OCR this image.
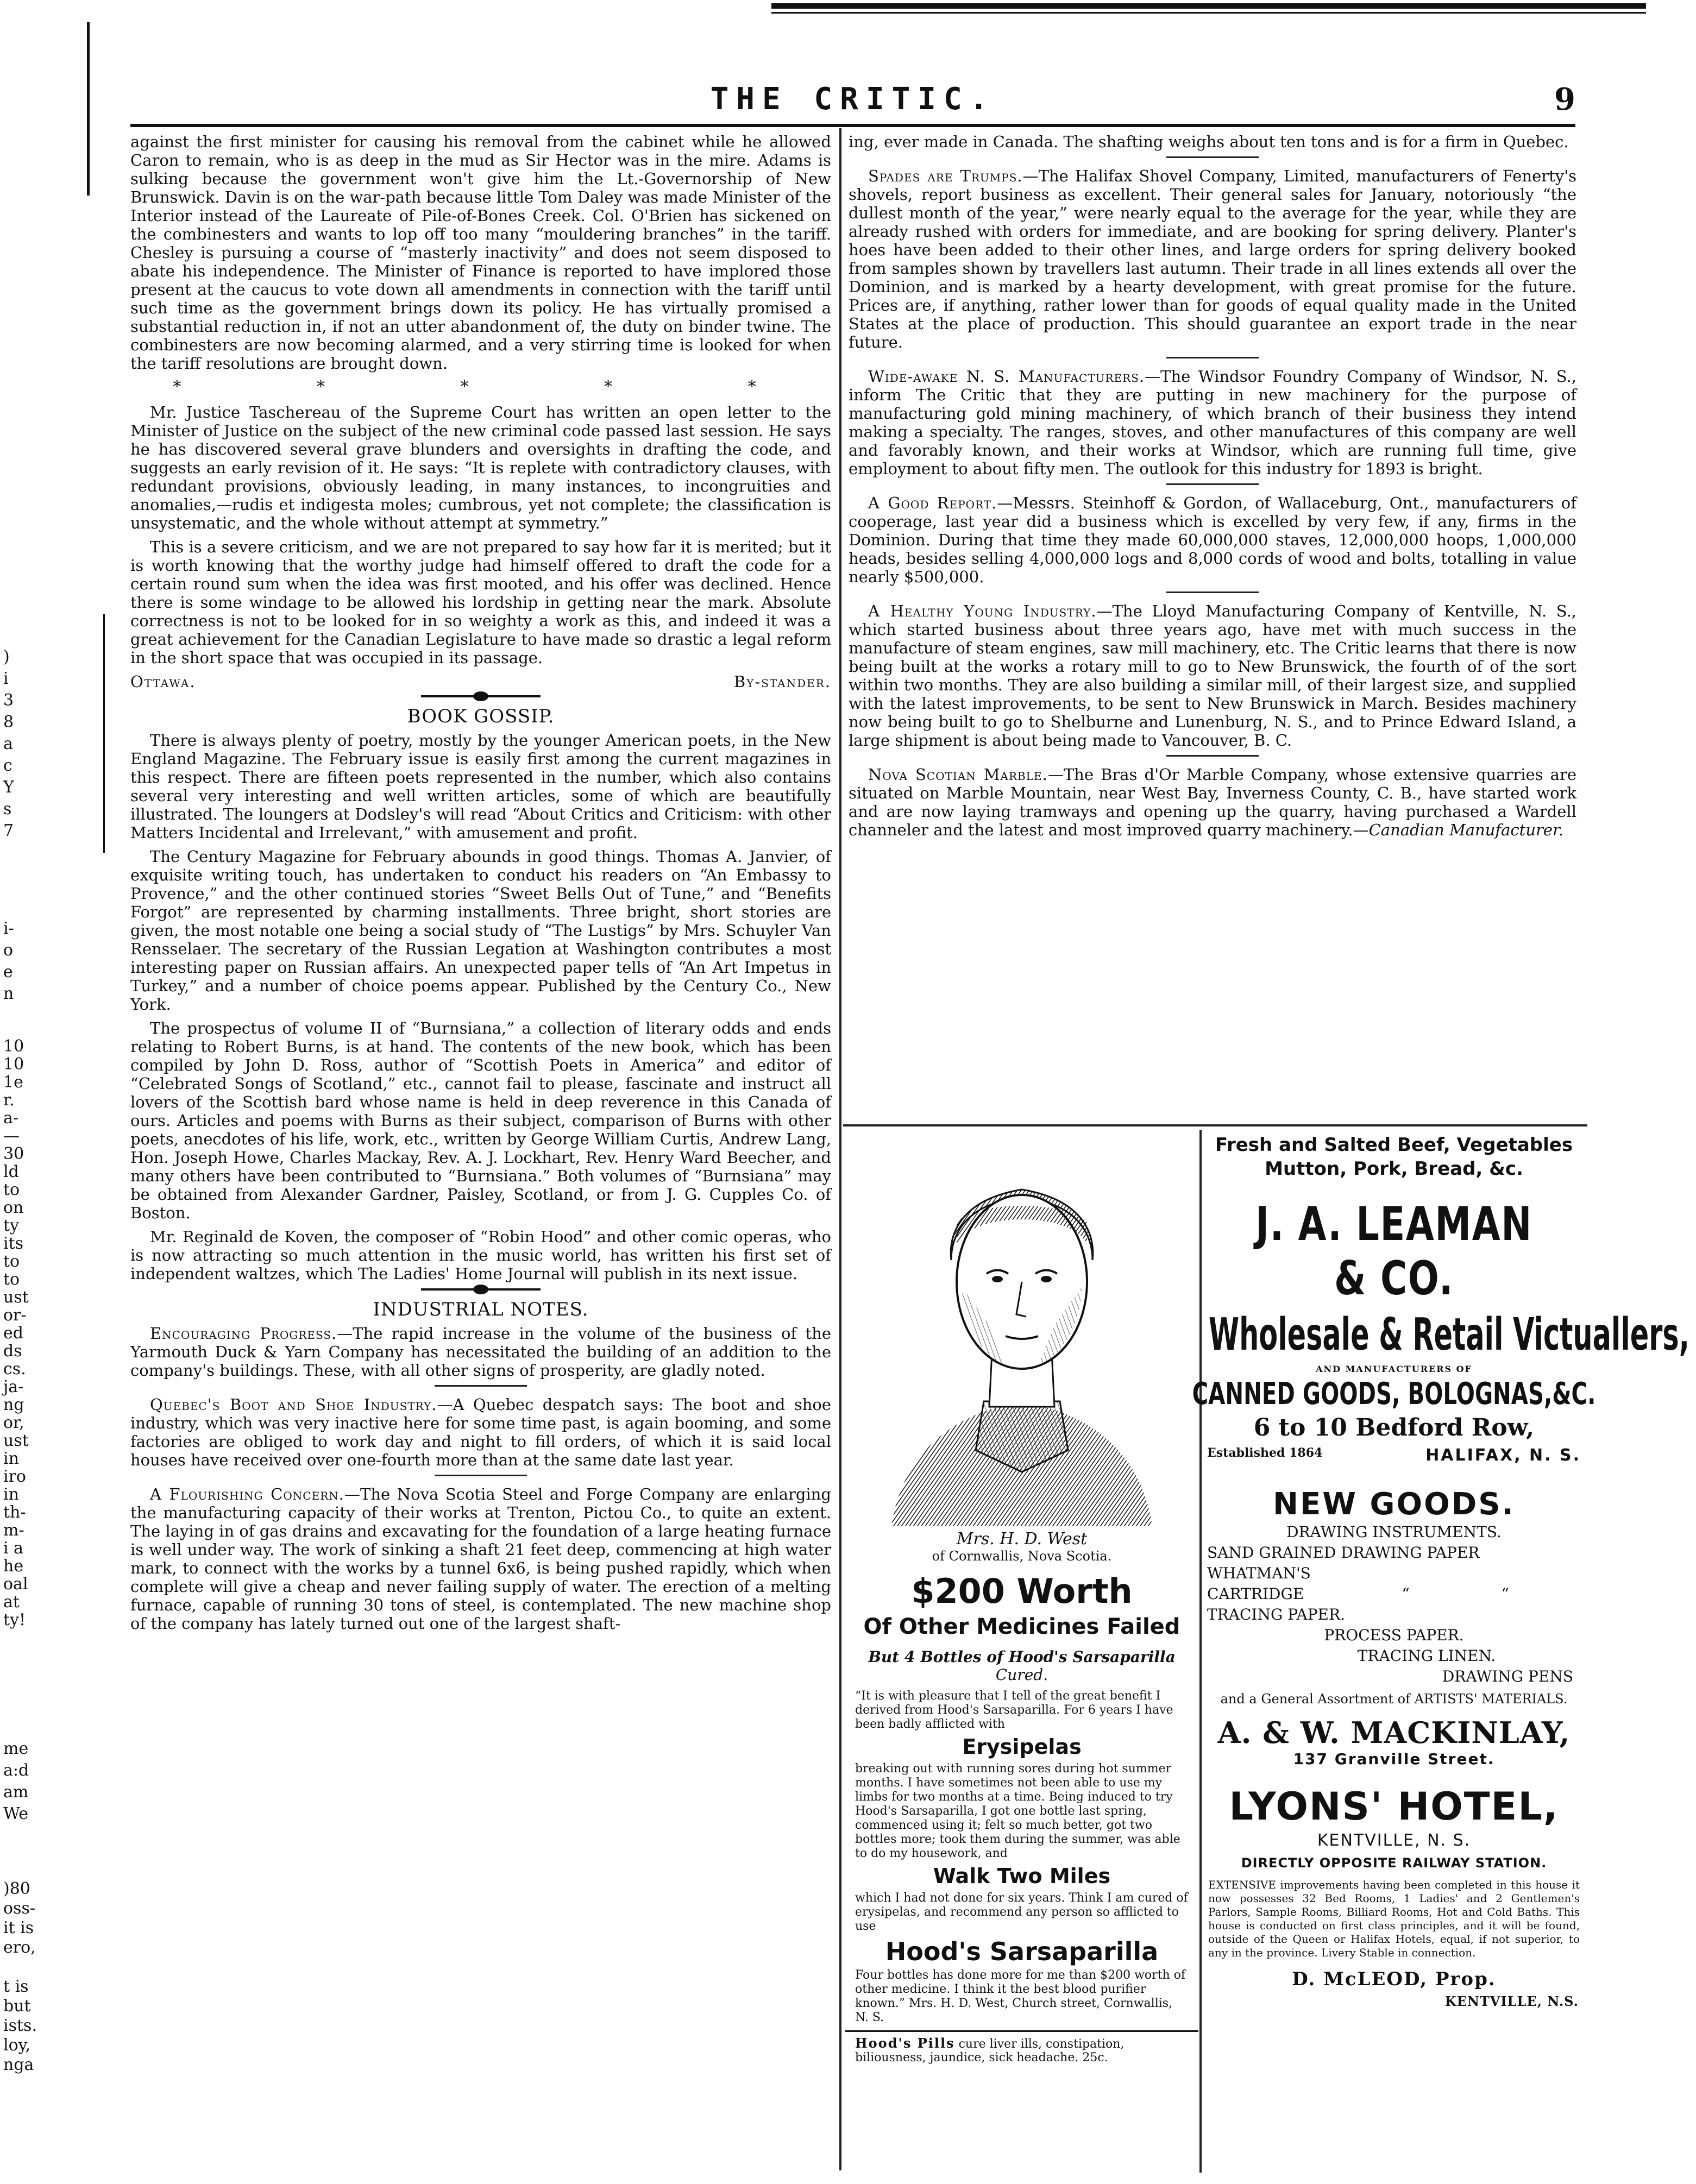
THE CRITIC.	9
)
i
3
8
a
c
Y
s
7
i-
o
e
n
10
10
1e
r.
a-
—
30
ld
to
on
ty
its
to
to
ust
or-
ed
ds
cs.
ja-
ng
or,
ust
in
iro
in
th-
m-
i a
he
oal
at
ty!
me
a:d
am
We
)80
oss-
it is
ero,
t is
but
ists.
loy,
nga

against the first minister for causing his removal from the cabinet while he allowed Caron to remain, who is as deep in the mud as Sir Hector was in the mire. Adams is sulking because the government won't give him the Lt.-Governorship of New Brunswick. Davin is on the war-path because little Tom Daley was made Minister of the Interior instead of the Laureate of Pile-of-Bones Creek. Col. O'Brien has sickened on the combinesters and wants to lop off too many “mouldering branches” in the tariff. Chesley is pursuing a course of “masterly inactivity” and does not seem disposed to abate his independence. The Minister of Finance is reported to have implored those present at the caucus to vote down all amendments in connection with the tariff until such time as the government brings down its policy. He has virtually promised a substantial reduction in, if not an utter abandonment of, the duty on binder twine. The combinesters are now becoming alarmed, and a very stirring time is looked for when the tariff resolutions are brought down.

* * * * *

Mr. Justice Taschereau of the Supreme Court has written an open letter to the Minister of Justice on the subject of the new criminal code passed last session. He says he has discovered several grave blunders and oversights in drafting the code, and suggests an early revision of it. He says: “It is replete with contradictory clauses, with redundant provisions, obviously leading, in many instances, to incongruities and anomalies,—rudis et indigesta moles; cumbrous, yet not complete; the classification is unsystematic, and the whole without attempt at symmetry.”

This is a severe criticism, and we are not prepared to say how far it is merited; but it is worth knowing that the worthy judge had himself offered to draft the code for a certain round sum when the idea was first mooted, and his offer was declined. Hence there is some windage to be allowed his lordship in getting near the mark. Absolute correctness is not to be looked for in so weighty a work as this, and indeed it was a great achievement for the Canadian Legislature to have made so drastic a legal reform in the short space that was occupied in its passage.

Ottawa.	By-stander.
BOOK GOSSIP.

There is always plenty of poetry, mostly by the younger American poets, in the New England Magazine. The February issue is easily first among the current magazines in this respect. There are fifteen poets represented in the number, which also contains several very interesting and well written articles, some of which are beautifully illustrated. The loungers at Dodsley's will read “About Critics and Criticism: with other Matters Incidental and Irrelevant,” with amusement and profit.

The Century Magazine for February abounds in good things. Thomas A. Janvier, of exquisite writing touch, has undertaken to conduct his readers on “An Embassy to Provence,” and the other continued stories “Sweet Bells Out of Tune,” and “Benefits Forgot” are represented by charming installments. Three bright, short stories are given, the most notable one being a social study of “The Lustigs” by Mrs. Schuyler Van Rensselaer. The secretary of the Russian Legation at Washington contributes a most interesting paper on Russian affairs. An unexpected paper tells of “An Art Impetus in Turkey,” and a number of choice poems appear. Published by the Century Co., New York.

The prospectus of volume II of “Burnsiana,” a collection of literary odds and ends relating to Robert Burns, is at hand. The contents of the new book, which has been compiled by John D. Ross, author of “Scottish Poets in America” and editor of “Celebrated Songs of Scotland,” etc., cannot fail to please, fascinate and instruct all lovers of the Scottish bard whose name is held in deep reverence in this Canada of ours. Articles and poems with Burns as their subject, comparison of Burns with other poets, anecdotes of his life, work, etc., written by George William Curtis, Andrew Lang, Hon. Joseph Howe, Charles Mackay, Rev. A. J. Lockhart, Rev. Henry Ward Beecher, and many others have been contributed to “Burnsiana.” Both volumes of “Burnsiana” may be obtained from Alexander Gardner, Paisley, Scotland, or from J. G. Cupples Co. of Boston.

Mr. Reginald de Koven, the composer of “Robin Hood” and other comic operas, who is now attracting so much attention in the music world, has written his first set of independent waltzes, which The Ladies' Home Journal will publish in its next issue.

INDUSTRIAL NOTES.

Encouraging Progress.—The rapid increase in the volume of the business of the Yarmouth Duck & Yarn Company has necessitated the building of an addition to the company's buildings. These, with all other signs of prosperity, are gladly noted.

Quebec's Boot and Shoe Industry.—A Quebec despatch says: The boot and shoe industry, which was very inactive here for some time past, is again booming, and some factories are obliged to work day and night to fill orders, of which it is said local houses have received over one-fourth more than at the same date last year.

A Flourishing Concern.—The Nova Scotia Steel and Forge Company are enlarging the manufacturing capacity of their works at Trenton, Pictou Co., to quite an extent. The laying in of gas drains and excavating for the foundation of a large heating furnace is well under way. The work of sinking a shaft 21 feet deep, commencing at high water mark, to connect with the works by a tunnel 6x6, is being pushed rapidly, which when complete will give a cheap and never failing supply of water. The erection of a melting furnace, capable of running 30 tons of steel, is contemplated. The new machine shop of the company has lately turned out one of the largest shaft-

ing, ever made in Canada. The shafting weighs about ten tons and is for a firm in Quebec.

Spades are Trumps.—The Halifax Shovel Company, Limited, manufacturers of Fenerty's shovels, report business as excellent. Their general sales for January, notoriously “the dullest month of the year,” were nearly equal to the average for the year, while they are already rushed with orders for immediate, and are booking for spring delivery. Planter's hoes have been added to their other lines, and large orders for spring delivery booked from samples shown by travellers last autumn. Their trade in all lines extends all over the Dominion, and is marked by a hearty development, with great promise for the future. Prices are, if anything, rather lower than for goods of equal quality made in the United States at the place of production. This should guarantee an export trade in the near future.

Wide-awake N. S. Manufacturers.—The Windsor Foundry Company of Windsor, N. S., inform The Critic that they are putting in new machinery for the purpose of manufacturing gold mining machinery, of which branch of their business they intend making a specialty. The ranges, stoves, and other manufactures of this company are well and favorably known, and their works at Windsor, which are running full time, give employment to about fifty men. The outlook for this industry for 1893 is bright.

A Good Report.—Messrs. Steinhoff & Gordon, of Wallaceburg, Ont., manufacturers of cooperage, last year did a business which is excelled by very few, if any, firms in the Dominion. During that time they made 60,000,000 staves, 12,000,000 hoops, 1,000,000 heads, besides selling 4,000,000 logs and 8,000 cords of wood and bolts, totalling in value nearly $500,000.

A Healthy Young Industry.—The Lloyd Manufacturing Company of Kentville, N. S., which started business about three years ago, have met with much success in the manufacture of steam engines, saw mill machinery, etc. The Critic learns that there is now being built at the works a rotary mill to go to New Brunswick, the fourth of of the sort within two months. They are also building a similar mill, of their largest size, and supplied with the latest improvements, to be sent to New Brunswick in March. Besides machinery now being built to go to Shelburne and Lunenburg, N. S., and to Prince Edward Island, a large shipment is about being made to Vancouver, B. C.

Nova Scotian Marble.—The Bras d'Or Marble Company, whose extensive quarries are situated on Marble Mountain, near West Bay, Inverness County, C. B., have started work and are now laying tramways and opening up the quarry, having purchased a Wardell channeler and the latest and most improved quarry machinery.—Canadian Manufacturer.

Mrs. H. D. West
of Cornwallis, Nova Scotia.
$200 Worth
Of Other Medicines Failed
But 4 Bottles of Hood's Sarsaparilla
Cured.
“It is with pleasure that I tell of the great benefit I derived from Hood's Sarsaparilla. For 6 years I have been badly afflicted with
Erysipelas
breaking out with running sores during hot summer months. I have sometimes not been able to use my limbs for two months at a time. Being induced to try Hood's Sarsaparilla, I got one bottle last spring, commenced using it; felt so much better, got two bottles more; took them during the summer, was able to do my housework, and
Walk Two Miles
which I had not done for six years. Think I am cured of erysipelas, and recommend any person so afflicted to use
Hood's Sarsaparilla
Four bottles has done more for me than $200 worth of other medicine. I think it the best blood purifier known.” Mrs. H. D. West, Church street, Cornwallis, N. S.
Hood's Pills cure liver ills, constipation, biliousness, jaundice, sick headache. 25c.
Fresh and Salted Beef, Vegetables
Mutton, Pork, Bread, &c.
J. A. LEAMAN & CO.
Wholesale & Retail Victuallers,
AND MANUFACTURERS OF
CANNED GOODS, BOLOGNAS,&C.
6 to 10 Bedford Row,
Established 1864	HALIFAX, N. S.
NEW GOODS.
DRAWING INSTRUMENTS.
SAND GRAINED DRAWING PAPER
WHATMAN'S
CARTRIDGE	“ “
TRACING PAPER.
PROCESS PAPER.
TRACING LINEN.
DRAWING PENS
and a General Assortment of ARTISTS' MATERIALS.
A. & W. MACKINLAY,
137 Granville Street.
LYONS' HOTEL,
KENTVILLE, N. S.
DIRECTLY OPPOSITE RAILWAY STATION.
EXTENSIVE improvements having been completed in this house it now possesses 32 Bed Rooms, 1 Ladies' and 2 Gentlemen's Parlors, Sample Rooms, Billiard Rooms, Hot and Cold Baths. This house is conducted on first class principles, and it will be found, outside of the Queen or Halifax Hotels, equal, if not superior, to any in the province. Livery Stable in connection.
D. McLEOD, Prop.
KENTVILLE, N.S.
